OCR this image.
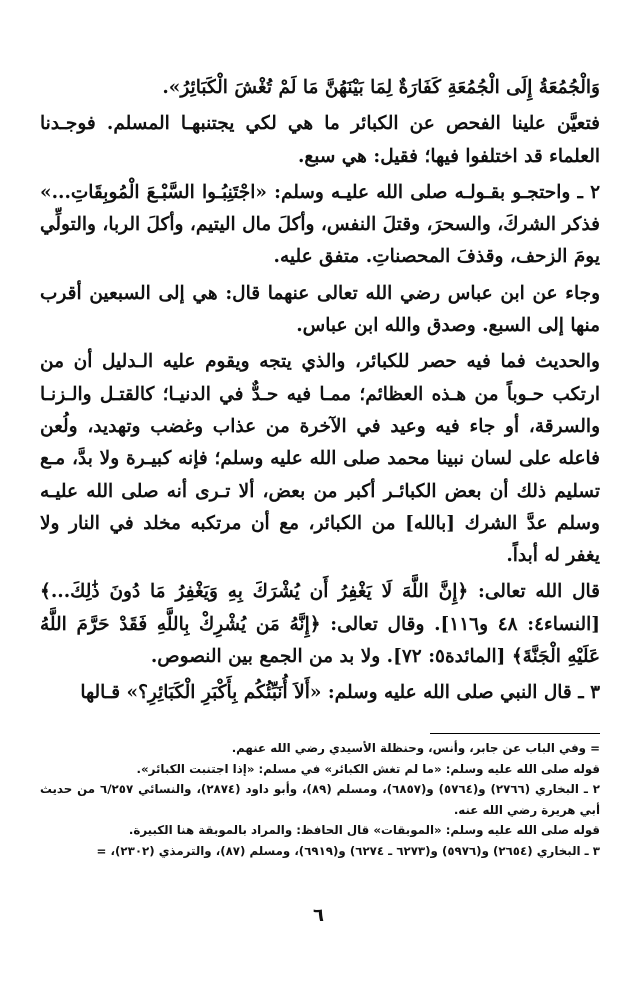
وَالْجُمُعَةُ إِلَى الْجُمُعَةِ كَفَارَةٌ لِمَا بَيْنَهُنَّ مَا لَمْ تُغْشَ الْكَبَائِرُ».

فتعيَّن علينا الفحص عن الكبائر ما هي لكي يجتنبهـا المسلم. فوجـدنا العلماء قد اختلفوا فيها؛ فقيل: هي سبع.

٢ ـ واحتجـو بقـولـه صلى الله عليـه وسلم: «اجْتَنِبُـوا السَّبْـعَ الْمُوبِقَاتِ...» فذكر الشركَ، والسحرَ، وقتلَ النفس، وأكلَ مال اليتيم، وأكلَ الربا، والتولِّي يومَ الزحف، وقذفَ المحصناتِ. متفق عليه.

وجاء عن ابن عباس رضي الله تعالى عنهما قال: هي إلى السبعين أقرب منها إلى السبع. وصدق والله ابن عباس.

والحديث فما فيه حصر للكبائر، والذي يتجه ويقوم عليه الـدليل أن من ارتكب حـوباً من هـذه العظائم؛ ممـا فيه حـدٌّ في الدنيـا؛ كالقتـل والـزنـا والسرقة، أو جاء فيه وعيد في الآخرة من عذاب وغضب وتهديد، ولُعن فاعله على لسان نبينا محمد صلى الله عليه وسلم؛ فإنه كبيـرة ولا بدَّ، مـع تسليم ذلك أن بعض الكبائـر أكبر من بعض، ألا تـرى أنه صلى الله عليـه وسلم عدَّ الشرك [بالله] من الكبائر، مع أن مرتكبه مخلد في النار ولا يغفر له أبداً.

قال الله تعالى: ﴿إِنَّ اللَّهَ لَا يَغْفِرُ أَن يُشْرَكَ بِهِ وَيَغْفِرُ مَا دُونَ ذَٰلِكَ...﴾ [النساء٤: ٤٨ و١١٦]. وقال تعالى: ﴿إِنَّهُ مَن يُشْرِكْ بِاللَّهِ فَقَدْ حَرَّمَ اللَّهُ عَلَيْهِ الْجَنَّةَ﴾ [المائدة٥: ٧٢]. ولا بد من الجمع بين النصوص.

٣ ـ قال النبي صلى الله عليه وسلم: «أَلاَ أُنَبِّئُكُم بِأَكْبَرِ الْكَبَائِرِ؟» قـالها

= وفي الباب عن جابر، وأنس، وحنظلة الأسيدي رضي الله عنهم.

قوله صلى الله عليه وسلم: «ما لم تغش الكبائر» في مسلم: «إذا اجتنبت الكبائر».

٢ ـ البخاري (٢٧٦٦) و(٥٧٦٤) و(٦٨٥٧)، ومسلم (٨٩)، وأبو داود (٢٨٧٤)، والنسائي ٦/٢٥٧ من حديث أبي هريرة رضي الله عنه.

قوله صلى الله عليه وسلم: «الموبقات» قال الحافظ: والمراد بالموبقة هنا الكبيرة.

٣ ـ البخاري (٢٦٥٤) و(٥٩٧٦) و(٦٢٧٣ ـ ٦٢٧٤) و(٦٩١٩)، ومسلم (٨٧)، والترمذي (٢٣٠٢)، =

٦
